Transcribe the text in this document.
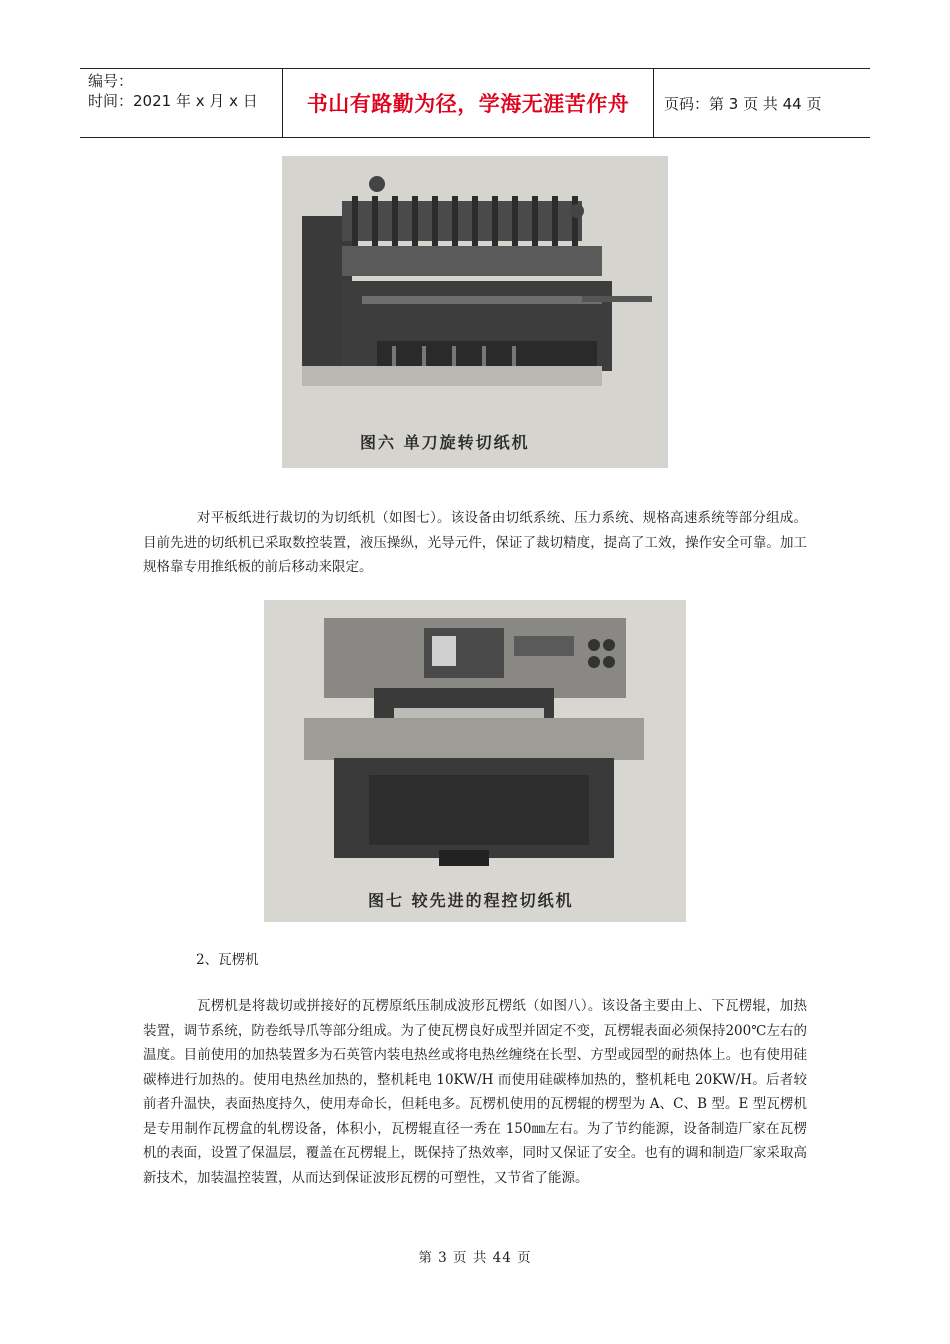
编号：
时间：2021 年 x 月 x 日	书山有路勤为径，学海无涯苦作舟	页码：第 3 页 共 44 页
图六 单刀旋转切纸机

对平板纸进行裁切的为切纸机（如图七）。该设备由切纸系统、压力系统、规格高速系统等部分组成。目前先进的切纸机已采取数控装置，液压操纵，光导元件，保证了裁切精度，提高了工效，操作安全可靠。加工规格靠专用推纸板的前后移动来限定。

图七 较先进的程控切纸机
2、瓦楞机

瓦楞机是将裁切或拼接好的瓦楞原纸压制成波形瓦楞纸（如图八）。该设备主要由上、下瓦楞辊，加热装置，调节系统，防卷纸导爪等部分组成。为了使瓦楞良好成型并固定不变，瓦楞辊表面必须保持200℃左右的温度。目前使用的加热装置多为石英管内装电热丝或将电热丝缠绕在长型、方型或园型的耐热体上。也有使用硅碳棒进行加热的。使用电热丝加热的，整机耗电 10KW/H 而使用硅碳棒加热的，整机耗电 20KW/H。后者较前者升温快，表面热度持久，使用寿命长，但耗电多。瓦楞机使用的瓦楞辊的楞型为 A、C、B 型。E 型瓦楞机是专用制作瓦楞盒的轧楞设备，体积小，瓦楞辊直径一秀在 150㎜左右。为了节约能源，设备制造厂家在瓦楞机的表面，设置了保温层，覆盖在瓦楞辊上，既保持了热效率，同时又保证了安全。也有的调和制造厂家采取高新技术，加装温控装置，从而达到保证波形瓦楞的可塑性，又节省了能源。

第 3 页 共 44 页
